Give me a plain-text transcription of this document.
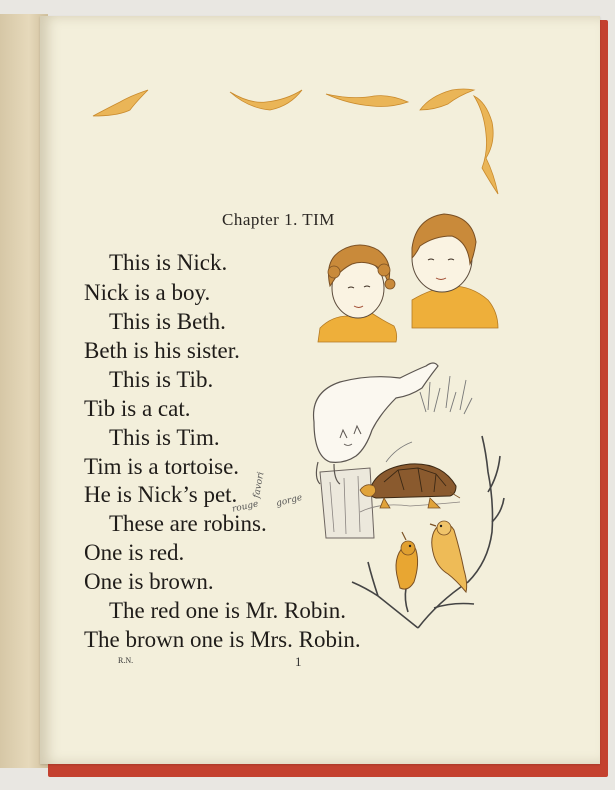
Chapter 1. TIM
This is Nick.
Nick is a boy.
This is Beth.
Beth is his sister.
This is Tib.
Tib is a cat.
This is Tim.
Tim is a tortoise.
He is Nick’s pet.
These are robins.
One is red.
One is brown.
The red one is Mr. Robin.
The brown one is Mrs. Robin.
favori
rouge gorge
R.N.	1
